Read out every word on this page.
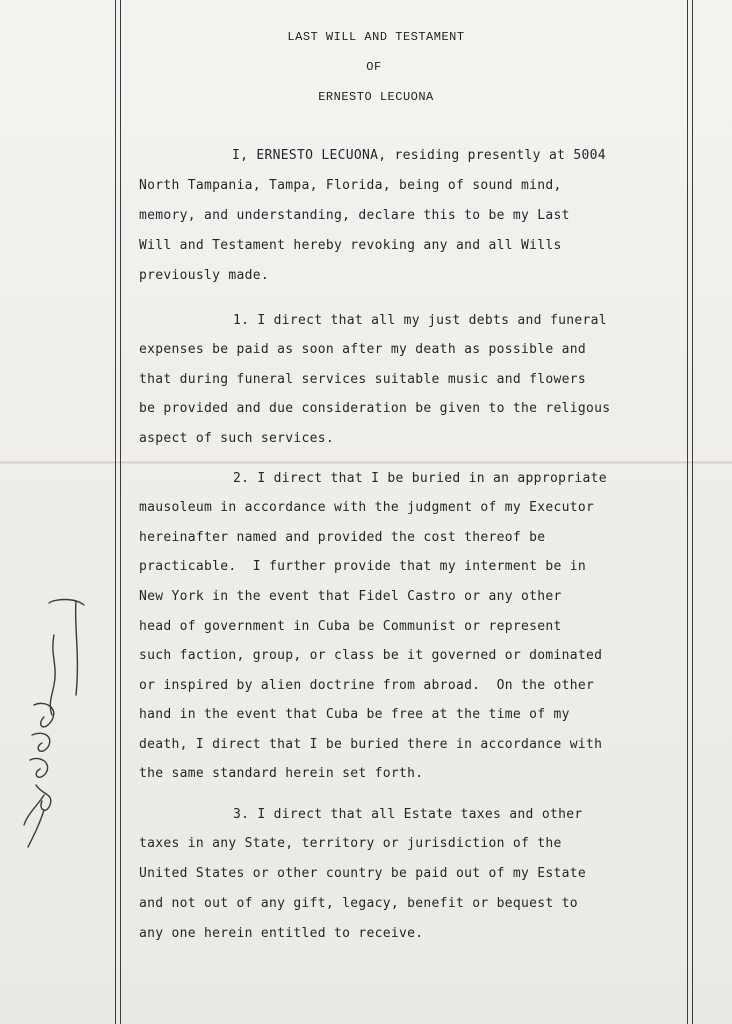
LAST WILL AND TESTAMENT
OF
ERNESTO LECUONA
I, ERNESTO LECUONA, residing presently at 5004
North Tampania, Tampa, Florida, being of sound mind,
memory, and understanding, declare this to be my Last
Will and Testament hereby revoking any and all Wills
previously made.
1. I direct that all my just debts and funeral
expenses be paid as soon after my death as possible and
that during funeral services suitable music and flowers
be provided and due consideration be given to the religous
aspect of such services.
2. I direct that I be buried in an appropriate
mausoleum in accordance with the judgment of my Executor
hereinafter named and provided the cost thereof be
practicable.  I further provide that my interment be in
New York in the event that Fidel Castro or any other
head of government in Cuba be Communist or represent
such faction, group, or class be it governed or dominated
or inspired by alien doctrine from abroad.  On the other
hand in the event that Cuba be free at the time of my
death, I direct that I be buried there in accordance with
the same standard herein set forth.
3. I direct that all Estate taxes and other
taxes in any State, territory or jurisdiction of the
United States or other country be paid out of my Estate
and not out of any gift, legacy, benefit or bequest to
any one herein entitled to receive.
